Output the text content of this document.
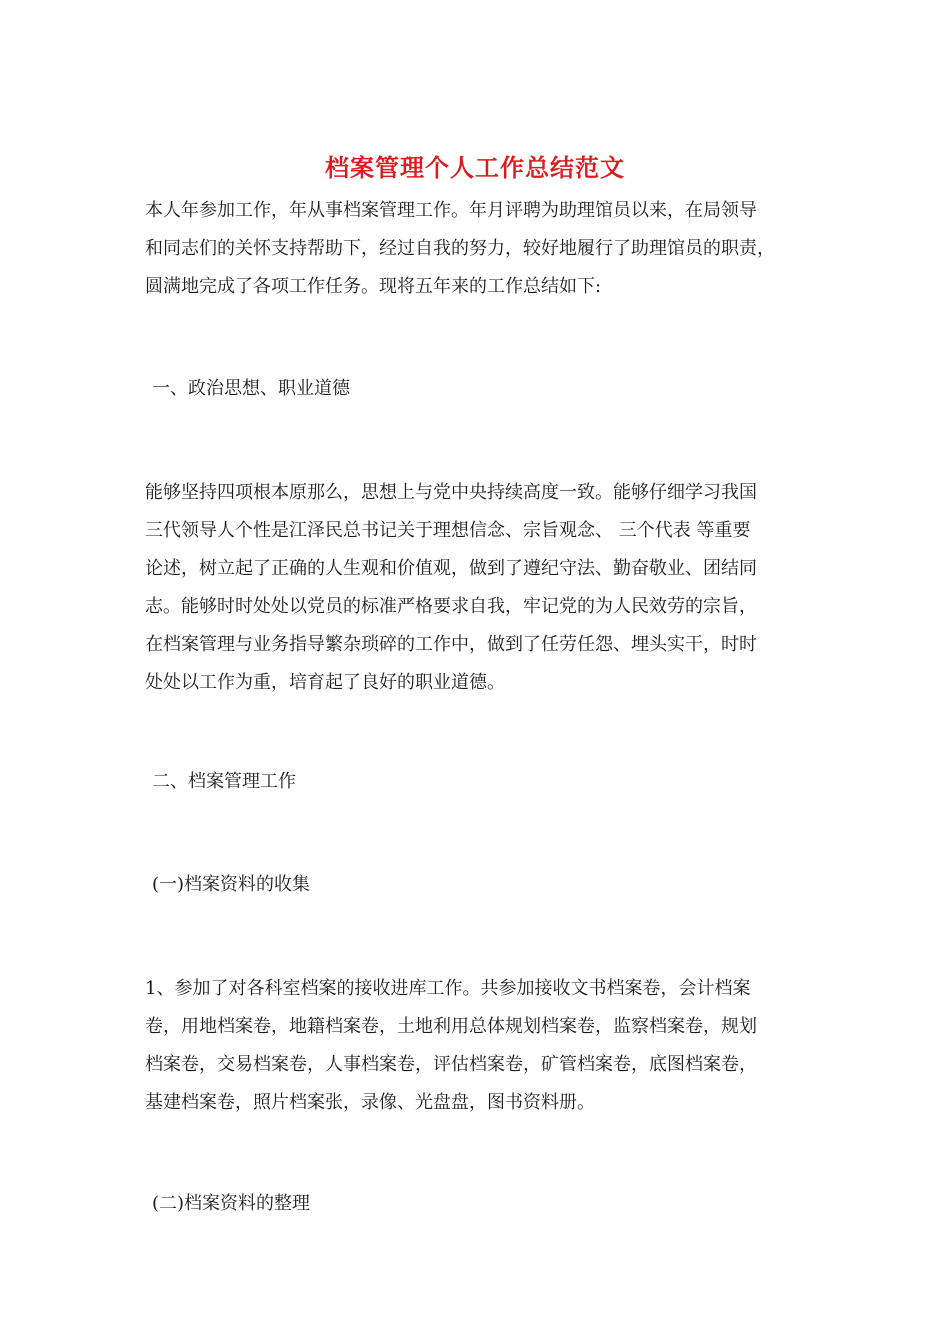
档案管理个人工作总结范文
本人年参加工作，年从事档案管理工作。年月评聘为助理馆员以来，在局领导
和同志们的关怀支持帮助下，经过自我的努力，较好地履行了助理馆员的职责，
圆满地完成了各项工作任务。现将五年来的工作总结如下:
一、政治思想、职业道德
能够坚持四项根本原那么，思想上与党中央持续高度一致。能够仔细学习我国
三代领导人个性是江泽民总书记关于理想信念、宗旨观念、 三个代表 等重要
论述，树立起了正确的人生观和价值观，做到了遵纪守法、勤奋敬业、团结同
志。能够时时处处以党员的标准严格要求自我，牢记党的为人民效劳的宗旨，
在档案管理与业务指导繁杂琐碎的工作中，做到了任劳任怨、埋头实干，时时
处处以工作为重，培育起了良好的职业道德。
二、档案管理工作
(一)档案资料的收集
1、参加了对各科室档案的接收进库工作。共参加接收文书档案卷，会计档案
卷，用地档案卷，地籍档案卷，土地利用总体规划档案卷，监察档案卷，规划
档案卷，交易档案卷，人事档案卷，评估档案卷，矿管档案卷，底图档案卷，
基建档案卷，照片档案张，录像、光盘盘，图书资料册。
(二)档案资料的整理
